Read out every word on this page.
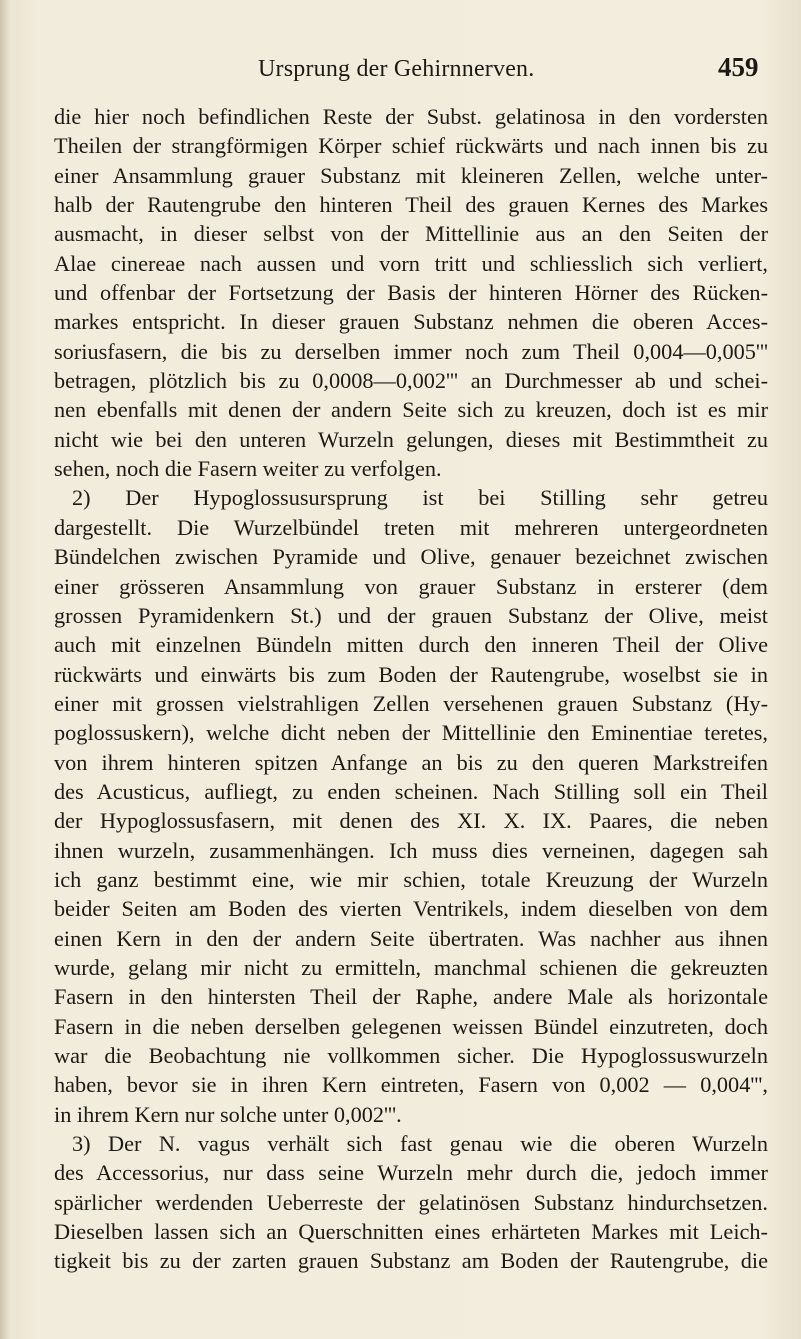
Ursprung der Gehirnnerven.	459
die hier noch befindlichen Reste der Subst. gelatinosa in den vordersten
Theilen der strangförmigen Körper schief rückwärts und nach innen bis zu
einer Ansammlung grauer Substanz mit kleineren Zellen, welche unter-
halb der Rautengrube den hinteren Theil des grauen Kernes des Markes
ausmacht, in dieser selbst von der Mittellinie aus an den Seiten der
Alae cinereae nach aussen und vorn tritt und schliesslich sich verliert,
und offenbar der Fortsetzung der Basis der hinteren Hörner des Rücken-
markes entspricht. In dieser grauen Substanz nehmen die oberen Acces-
soriusfasern, die bis zu derselben immer noch zum Theil 0,004—0,005'''
betragen, plötzlich bis zu 0,0008—0,002''' an Durchmesser ab und schei-
nen ebenfalls mit denen der andern Seite sich zu kreuzen, doch ist es mir
nicht wie bei den unteren Wurzeln gelungen, dieses mit Bestimmtheit zu
sehen, noch die Fasern weiter zu verfolgen.
2) Der Hypoglossusursprung ist bei Stilling sehr getreu
dargestellt. Die Wurzelbündel treten mit mehreren untergeordneten
Bündelchen zwischen Pyramide und Olive, genauer bezeichnet zwischen
einer grösseren Ansammlung von grauer Substanz in ersterer (dem
grossen Pyramidenkern St.) und der grauen Substanz der Olive, meist
auch mit einzelnen Bündeln mitten durch den inneren Theil der Olive
rückwärts und einwärts bis zum Boden der Rautengrube, woselbst sie in
einer mit grossen vielstrahligen Zellen versehenen grauen Substanz (Hy-
poglossuskern), welche dicht neben der Mittellinie den Eminentiae teretes,
von ihrem hinteren spitzen Anfange an bis zu den queren Markstreifen
des Acusticus, aufliegt, zu enden scheinen. Nach Stilling soll ein Theil
der Hypoglossusfasern, mit denen des XI. X. IX. Paares, die neben
ihnen wurzeln, zusammenhängen. Ich muss dies verneinen, dagegen sah
ich ganz bestimmt eine, wie mir schien, totale Kreuzung der Wurzeln
beider Seiten am Boden des vierten Ventrikels, indem dieselben von dem
einen Kern in den der andern Seite übertraten. Was nachher aus ihnen
wurde, gelang mir nicht zu ermitteln, manchmal schienen die gekreuzten
Fasern in den hintersten Theil der Raphe, andere Male als horizontale
Fasern in die neben derselben gelegenen weissen Bündel einzutreten, doch
war die Beobachtung nie vollkommen sicher. Die Hypoglossuswurzeln
haben, bevor sie in ihren Kern eintreten, Fasern von 0,002 — 0,004''',
in ihrem Kern nur solche unter 0,002'''.
3) Der N. vagus verhält sich fast genau wie die oberen Wurzeln
des Accessorius, nur dass seine Wurzeln mehr durch die, jedoch immer
spärlicher werdenden Ueberreste der gelatinösen Substanz hindurchsetzen.
Dieselben lassen sich an Querschnitten eines erhärteten Markes mit Leich-
tigkeit bis zu der zarten grauen Substanz am Boden der Rautengrube, die
